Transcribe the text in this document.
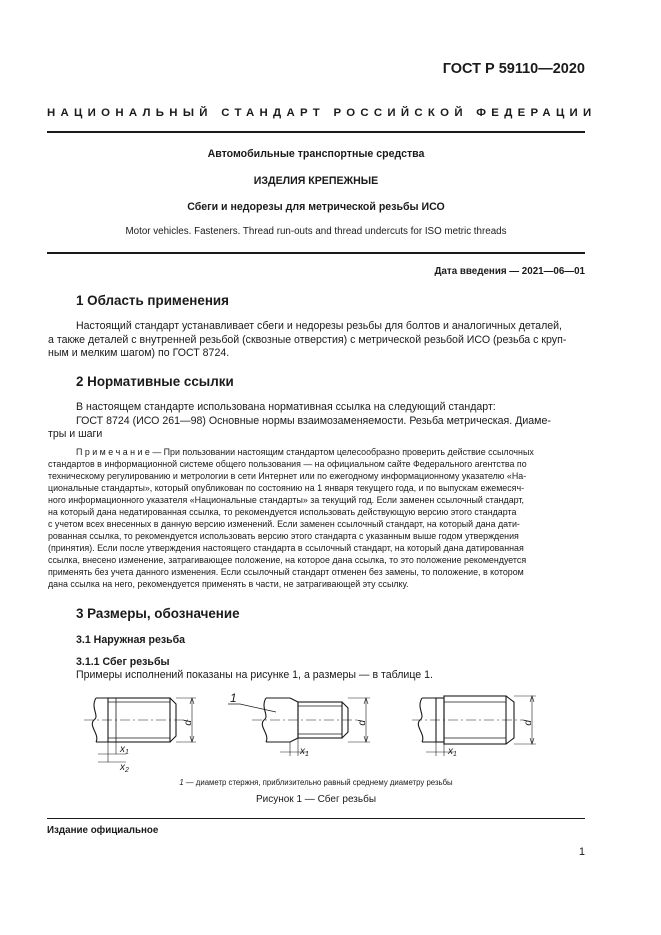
ГОСТ Р 59110—2020
НАЦИОНАЛЬНЫЙ СТАНДАРТ РОССИЙСКОЙ ФЕДЕРАЦИИ
Автомобильные транспортные средства
ИЗДЕЛИЯ КРЕПЕЖНЫЕ
Сбеги и недорезы для метрической резьбы ИСО
Motor vehicles. Fasteners. Thread run-outs and thread undercuts for ISO metric threads
Дата введения — 2021—06—01
1 Область применения
Настоящий стандарт устанавливает сбеги и недорезы резьбы для болтов и аналогичных деталей,
а также деталей с внутренней резьбой (сквозные отверстия) с метрической резьбой ИСО (резьба с круп-
ным и мелким шагом) по ГОСТ 8724.
2 Нормативные ссылки
В настоящем стандарте использована нормативная ссылка на следующий стандарт:
ГОСТ 8724 (ИСО 261—98) Основные нормы взаимозаменяемости. Резьба метрическая. Диаме-
тры и шаги
П р и м е ч а н и е — При пользовании настоящим стандартом целесообразно проверить действие ссылочных
стандартов в информационной системе общего пользования — на официальном сайте Федерального агентства по
техническому регулированию и метрологии в сети Интернет или по ежегодному информационному указателю «На-
циональные стандарты», который опубликован по состоянию на 1 января текущего года, и по выпускам ежемесяч-
ного информационного указателя «Национальные стандарты» за текущий год. Если заменен ссылочный стандарт,
на который дана недатированная ссылка, то рекомендуется использовать действующую версию этого стандарта
с учетом всех внесенных в данную версию изменений. Если заменен ссылочный стандарт, на который дана дати-
рованная ссылка, то рекомендуется использовать версию этого стандарта с указанным выше годом утверждения
(принятия). Если после утверждения настоящего стандарта в ссылочный стандарт, на который дана датированная
ссылка, внесено изменение, затрагивающее положение, на которое дана ссылка, то это положение рекомендуется
применять без учета данного изменения. Если ссылочный стандарт отменен без замены, то положение, в котором
дана ссылка на него, рекомендуется применять в части, не затрагивающей эту ссылку.
3 Размеры, обозначение
3.1 Наружная резьба
3.1.1 Сбег резьбы
Примеры исполнений показаны на рисунке 1, а размеры — в таблице 1.
d	d	d
$x_1$
$x_2$
$x_1$	$x_1$
1
1 — диаметр стержня, приблизительно равный среднему диаметру резьбы
Рисунок 1 — Сбег резьбы
Издание официальное
1
